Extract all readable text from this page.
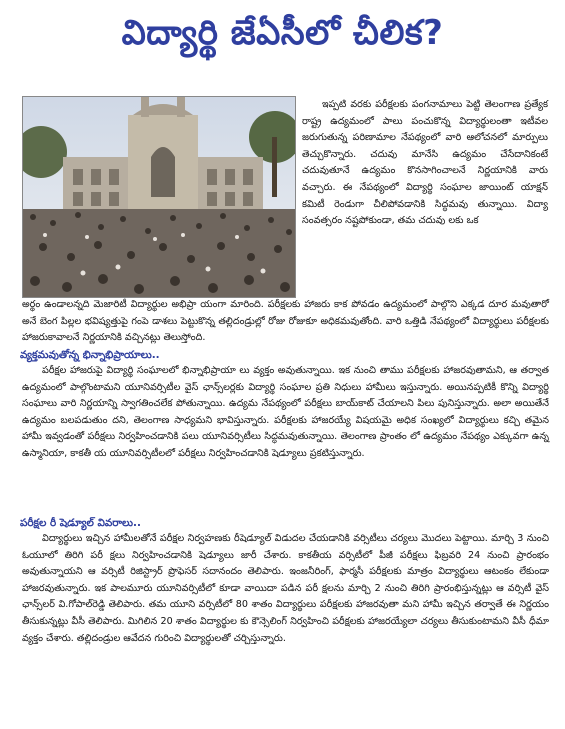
విద్యార్థి జేఏసీలో చీలిక?
ఇప్పటి వరకు పరీక్షలకు పంగనామాలు పెట్టి తెలంగాణ ప్రత్యేక రాష్ట్ర ఉద్యమంలో పాలు పంచుకొన్న విద్యార్థులంతా ఇటీవల జరుగుతున్న పరిణామాల నేపథ్యంలో వారి ఆలోచనలో మార్పులు తెచ్చుకొన్నారు. చదువు మానేసి ఉద్యమం చేసేదానికంటే చదువుతూనే ఉద్యమం కొనసాగించాలనే నిర్ణయానికి వారు వచ్చారు. ఈ నేపథ్యంలో విద్యార్థి సంఘాల జాయింట్ యాక్షన్ కమిటీ రెండుగా చీలిపోవడానికి సిద్ధమవు తున్నాయి. విద్యా సంవత్సరం నష్టపోకుండా, తమ చదువు లకు ఒక
అర్థం ఉండాలన్నది మెజారిటీ విద్యార్థుల అభిప్రా యంగా మారింది. పరీక్షలకు హాజరు కాక పోవడం ఉద్యమంలో పాల్గొని ఎక్కడ దూర మవుతారో అనే బెంగ పిల్లల భవిష్యత్తుపై గంపె డాశలు పెట్టుకొన్న తల్లిదండ్రుల్లో రోజు రోజుకూ అధికమవుతోంది. వారి ఒత్తిడి నేపథ్యంలో విద్యార్థులు పరీక్షలకు హాజరుకావాలనే నిర్ణయానికి వచ్చినట్లు తెలుస్తోంది.
వ్యక్తమవుతోన్న భిన్నాభిప్రాయాలు..
పరీక్షల హాజరుపై విద్యార్థి సంఘాలలో భిన్నాభిప్రాయా లు వ్యక్తం అవుతున్నాయి. ఇక నుంచి తాము పరీక్షలకు హాజరవుతామని, ఆ తర్వాత ఉద్యమంలో పాల్గొంటామని యూనివర్సిటీల వైస్ ఛాన్స్‌లర్లకు విద్యార్థి సంఘాల ప్రతి నిధులు హామీలు ఇస్తున్నారు. అయినప్పటికీ కొన్ని విద్యార్థి సంఘాలు వారి నిర్ణయాన్ని స్వాగతించలేక పోతున్నాయి. ఉద్యమ నేపథ్యంలో పరీక్షలు బాయ్‌కాట్ చేయాలని పిలు పునిస్తున్నారు. అలా అయితేనే ఉద్యమం బలపడుతుం దని, తెలంగాణ సాధ్యమని భావిస్తున్నారు. పరీక్షలకు హాజరయ్యే విషయమై అధిక సంఖ్యలో విద్యార్థులు కచ్చి తమైన హామీ ఇవ్వడంతో పరీక్షలు నిర్వహించడానికి పలు యూనివర్సిటీలు సిద్ధమవుతున్నాయి. తెలంగాణ ప్రాంతం లో ఉద్యమం నేపథ్యం ఎక్కువగా ఉన్న ఉస్మానియా, కాకతీ య యూనివర్సిటీలలో పరీక్షలు నిర్వహించడానికి షెడ్యూలు ప్రకటిస్తున్నారు.
పరీక్షల రీ షెడ్యూల్ వివరాలు..
విద్యార్థులు ఇచ్చిన హామీలతోనే పరీక్షల నిర్వహణకు రీషెడ్యూల్ విడుదల చేయడానికి వర్సిటీలు చర్యలు మొదలు పెట్టాయి. మార్చి 3 నుంచి ఓయూలో తిరిగి పరీ క్షలు నిర్వహించడానికి షెడ్యూలు జారీ చేశారు. కాకతీయ వర్సిటీలో పీజీ పరీక్షలు ఫిబ్రవరి 24 నుంచి ప్రారంభం అవుతున్నాయని ఆ వర్సిటీ రిజిస్ట్రార్ ప్రొఫెసర్ సదానందం తెలిపారు. ఇంజనీరింగ్, ఫార్మసీ పరీక్షలకు మాత్రం విద్యార్థులు ఆటంకం లేకుండా హాజరవుతున్నారు. ఇక పాలమూరు యూనివర్సిటీలో కూడా వాయిదా పడిన పరీ క్షలను మార్చి 2 నుంచి తిరిగి ప్రారంభిస్తున్నట్లు ఆ వర్సిటీ వైస్ ఛాన్స్‌లర్ వి.గోపాల్‌రెడ్డి తెలిపారు. తమ యూని వర్సిటీలో 80 శాతం విద్యార్థులు పరీక్షలకు హాజరవుతా మని హామీ ఇచ్చిన తర్వాతే ఈ నిర్ణయం తీసుకున్నట్లు వీసీ తెలిపారు. మిగిలిన 20 శాతం విద్యార్థుల కు కౌన్సెలింగ్ నిర్వహించి పరీక్షలకు హాజరయ్యేలా చర్యలు తీసుకుంటామని వీసీ ధీమా వ్యక్తం చేశారు. తల్లిదండ్రుల ఆవేదన గురించి విద్యార్థులతో చర్చిస్తున్నారు.
